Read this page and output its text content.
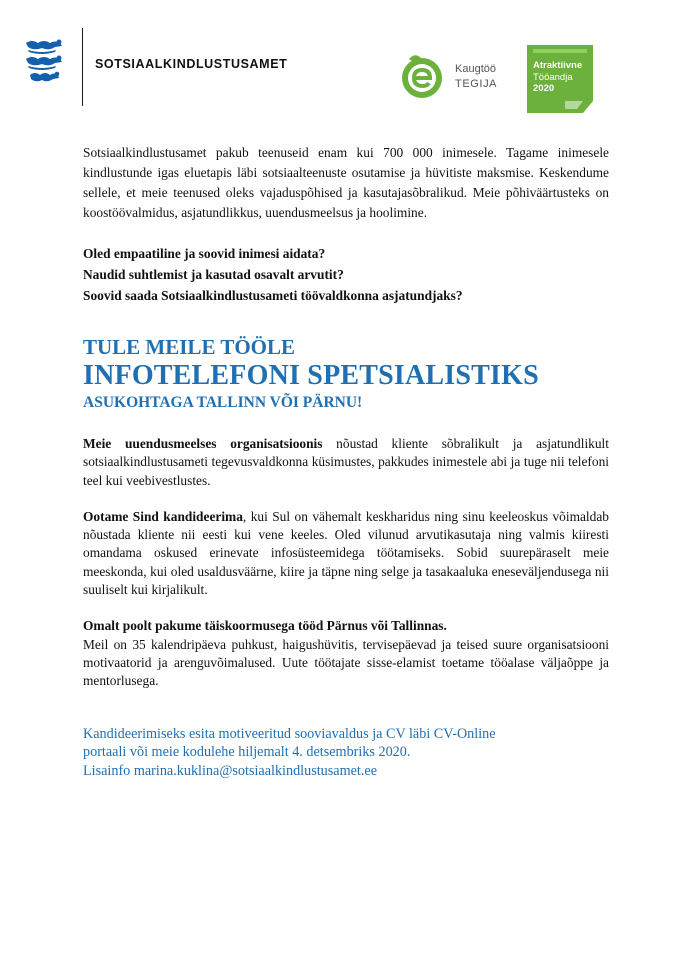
SOTSIAALKINDLUSTUSAMET	Kaugtöö
TEGIJA
Atraktiivne
Tööandja
2020

Sotsiaalkindlustusamet pakub teenuseid enam kui 700 000 inimesele. Tagame inimesele kindlustunde igas eluetapis läbi sotsiaalteenuste osutamise ja hüvitiste maksmise. Keskendume sellele, et meie teenused oleks vajaduspõhised ja kasutajasõbralikud. Meie põhiväärtusteks on koostöövalmidus, asjatundlikkus, uuendusmeelsus ja hoolimine.

Oled empaatiline ja soovid inimesi aidata?

Naudid suhtlemist ja kasutad osavalt arvutit?

Soovid saada Sotsiaalkindlustusameti töövaldkonna asjatundjaks?

TULE MEILE TÖÖLE
INFOTELEFONI SPETSIALISTIKS
ASUKOHTAGA TALLINN VÕI PÄRNU!

Meie uuendusmeelses organisatsioonis nõustad kliente sõbralikult ja asjatundlikult sotsiaalkindlustusameti tegevusvaldkonna küsimustes, pakkudes inimestele abi ja tuge nii telefoni teel kui veebivestlustes.

Ootame Sind kandideerima, kui Sul on vähemalt keskharidus ning sinu keeleoskus võimaldab nõustada kliente nii eesti kui vene keeles. Oled vilunud arvutikasutaja ning valmis kiiresti omandama oskused erinevate infosüsteemidega töötamiseks. Sobid suurepäraselt meie meeskonda, kui oled usaldusväärne, kiire ja täpne ning selge ja tasakaaluka eneseväljendusega nii suuliselt kui kirjalikult.

Omalt poolt pakume täiskoormusega tööd Pärnus või Tallinnas.
Meil on 35 kalendripäeva puhkust, haigushüvitis, tervisepäevad ja teised suure organisatsiooni motivaatorid ja arenguvõimalused. Uute töötajate sisse-elamist toetame tööalase väljaõppe ja mentorlusega.

Kandideerimiseks esita motiveeritud sooviavaldus ja CV läbi CV-Online
portaali või meie kodulehe hiljemalt 4. detsembriks 2020.
Lisainfo marina.kuklina@sotsiaalkindlustusamet.ee
